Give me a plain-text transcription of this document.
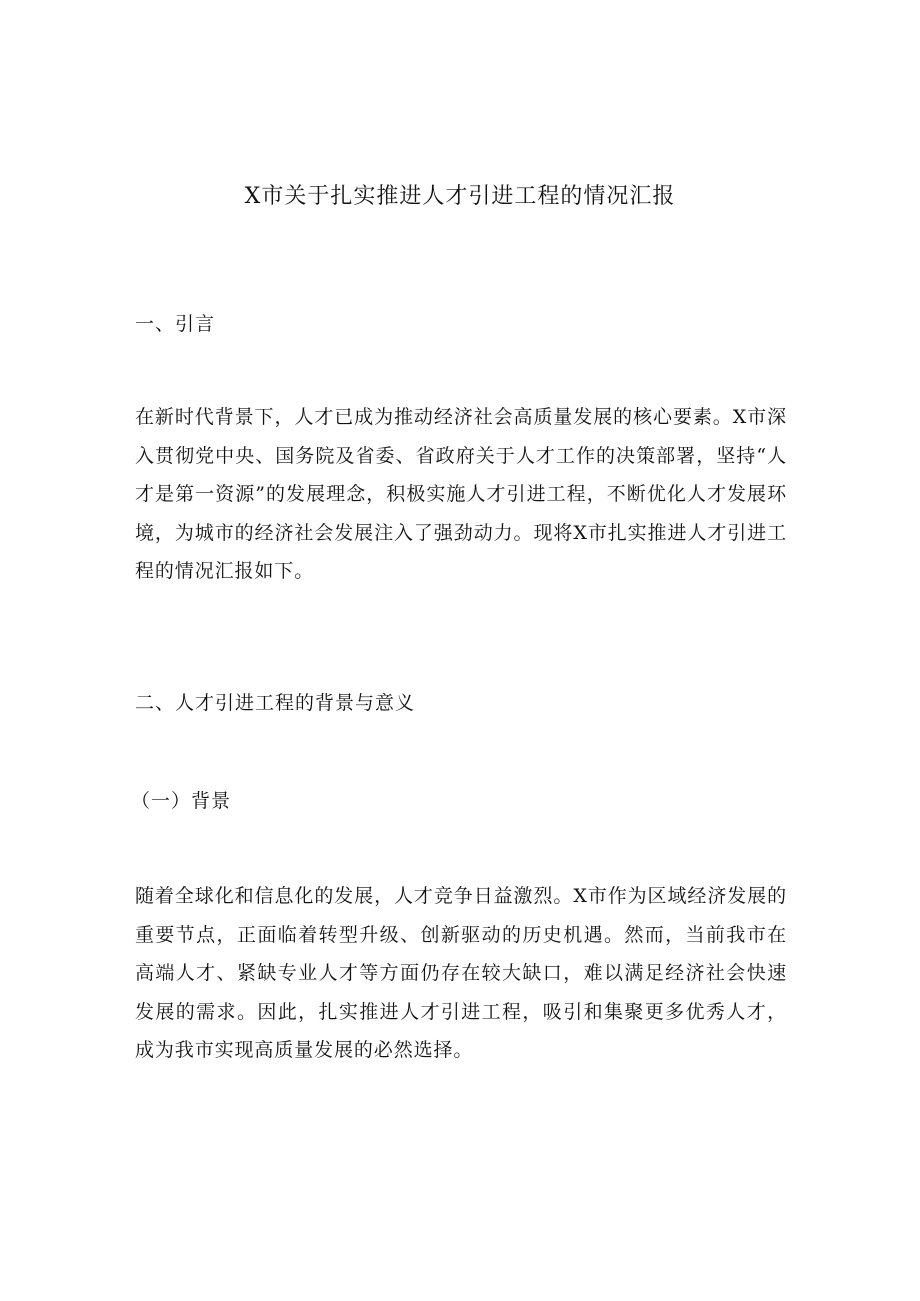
X市关于扎实推进人才引进工程的情况汇报
一、引言
在新时代背景下，人才已成为推动经济社会高质量发展的核心要素。X市深入贯彻党中央、国务院及省委、省政府关于人才工作的决策部署，坚持“人才是第一资源”的发展理念，积极实施人才引进工程，不断优化人才发展环境，为城市的经济社会发展注入了强劲动力。现将X市扎实推进人才引进工程的情况汇报如下。
二、人才引进工程的背景与意义
（一）背景
随着全球化和信息化的发展，人才竞争日益激烈。X市作为区域经济发展的重要节点，正面临着转型升级、创新驱动的历史机遇。然而，当前我市在高端人才、紧缺专业人才等方面仍存在较大缺口，难以满足经济社会快速发展的需求。因此，扎实推进人才引进工程，吸引和集聚更多优秀人才，成为我市实现高质量发展的必然选择。
